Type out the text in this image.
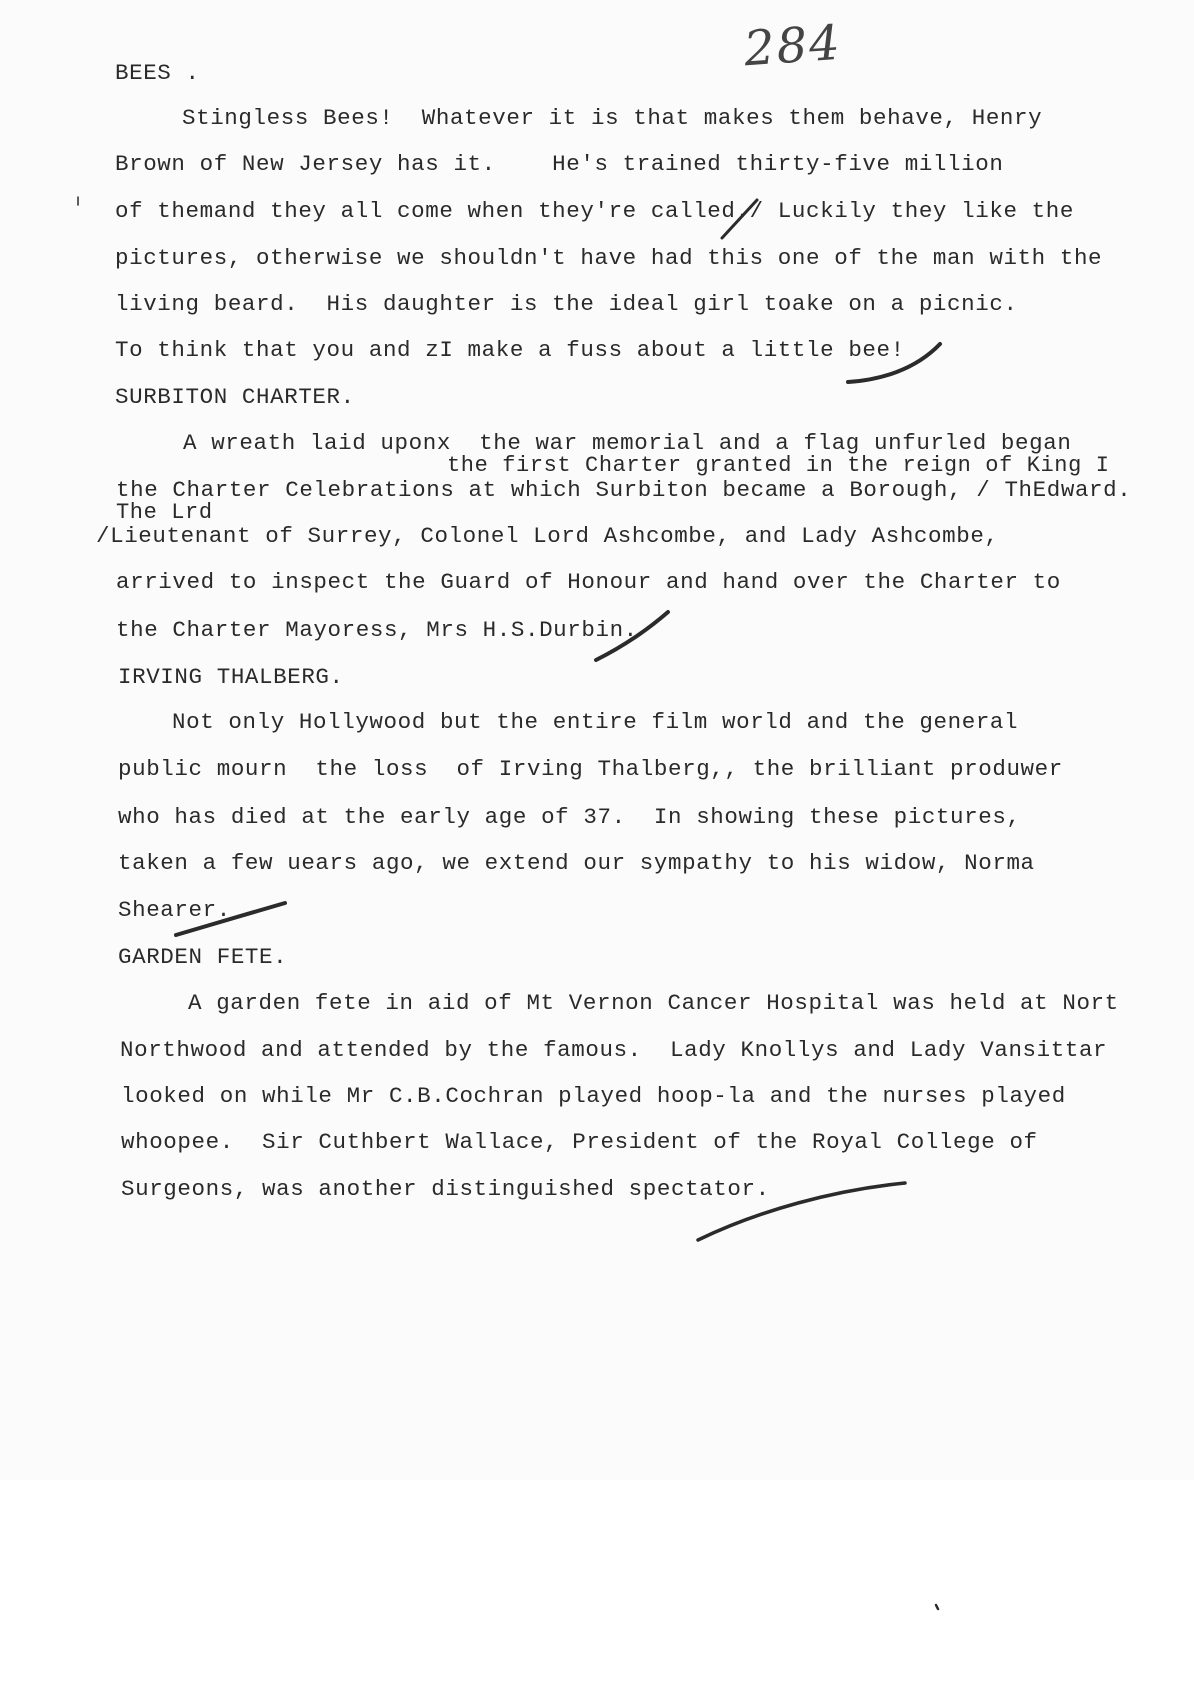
284
BEES .
Stingless Bees!  Whatever it is that makes them behave, Henry
Brown of New Jersey has it.    He's trained thirty-five million
of themand they all come when they're called./ Luckily they like the
pictures, otherwise we shouldn't have had this one of the man with the
living beard.  His daughter is the ideal girl toake on a picnic.
To think that you and zI make a fuss about a little bee!
SURBITON CHARTER.
A wreath laid uponx  the war memorial and a flag unfurled began
the first Charter granted in the reign of King I
the Charter Celebrations at which Surbiton became a Borough, / ThEdward.
The Lrd
/Lieutenant of Surrey, Colonel Lord Ashcombe, and Lady Ashcombe,
arrived to inspect the Guard of Honour and hand over the Charter to
the Charter Mayoress, Mrs H.S.Durbin.
IRVING THALBERG.
Not only Hollywood but the entire film world and the general
public mourn  the loss  of Irving Thalberg,, the brilliant produwer
who has died at the early age of 37.  In showing these pictures,
taken a few uears ago, we extend our sympathy to his widow, Norma
Shearer.
GARDEN FETE.
A garden fete in aid of Mt Vernon Cancer Hospital was held at Nort
Northwood and attended by the famous.  Lady Knollys and Lady Vansittar
looked on while Mr C.B.Cochran played hoop-la and the nurses played
whoopee.  Sir Cuthbert Wallace, President of the Royal College of
Surgeons, was another distinguished spectator.
